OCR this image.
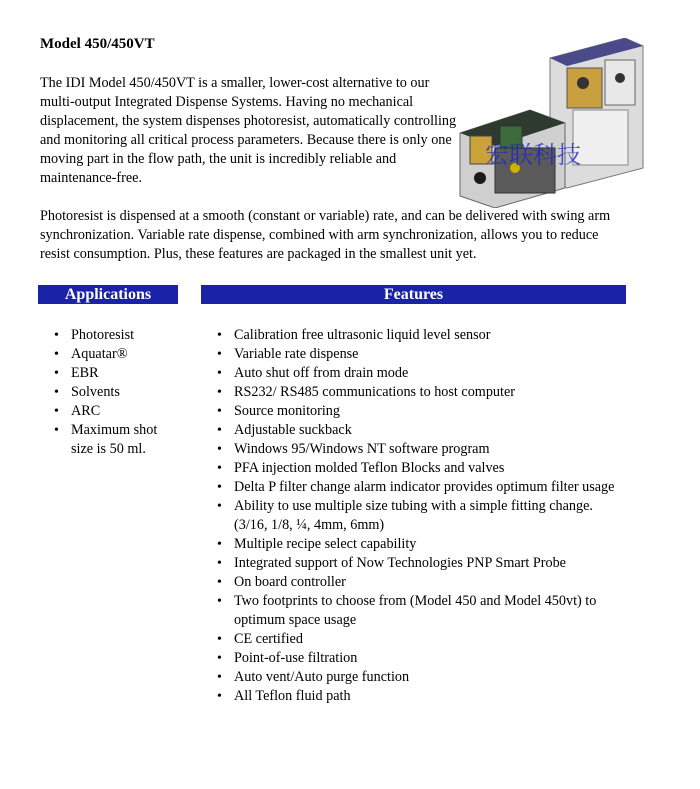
Model 450/450VT
The IDI Model 450/450VT is a smaller, lower-cost alternative to our multi-output Integrated Dispense Systems. Having no mechanical displacement, the system dispenses photoresist, automatically controlling and monitoring all critical process parameters. Because there is only one moving part in the flow path, the unit is incredibly reliable and maintenance-free.
宏联科技
Photoresist is dispensed at a smooth (constant or variable) rate, and can be delivered with swing arm synchronization. Variable rate dispense, combined with arm synchronization, allows you to reduce resist consumption. Plus, these features are packaged in the smallest unit yet.
Applications	Features
• Photoresist
• Aquatar®
• EBR
• Solvents
• ARC
• Maximum shot size is 50 ml.
• Calibration free ultrasonic liquid level sensor
• Variable rate dispense
• Auto shut off from drain mode
• RS232/ RS485 communications to host computer
• Source monitoring
• Adjustable suckback
• Windows 95/Windows NT software program
• PFA injection molded Teflon Blocks and valves
• Delta P filter change alarm indicator provides optimum filter usage
• Ability to use multiple size tubing with a simple fitting change. (3/16, 1/8, ¼, 4mm, 6mm)
• Multiple recipe select capability
• Integrated support of Now Technologies PNP Smart Probe
• On board controller
• Two footprints to choose from (Model 450 and Model 450vt) to optimum space usage
• CE certified
• Point-of-use filtration
• Auto vent/Auto purge function
• All Teflon fluid path
